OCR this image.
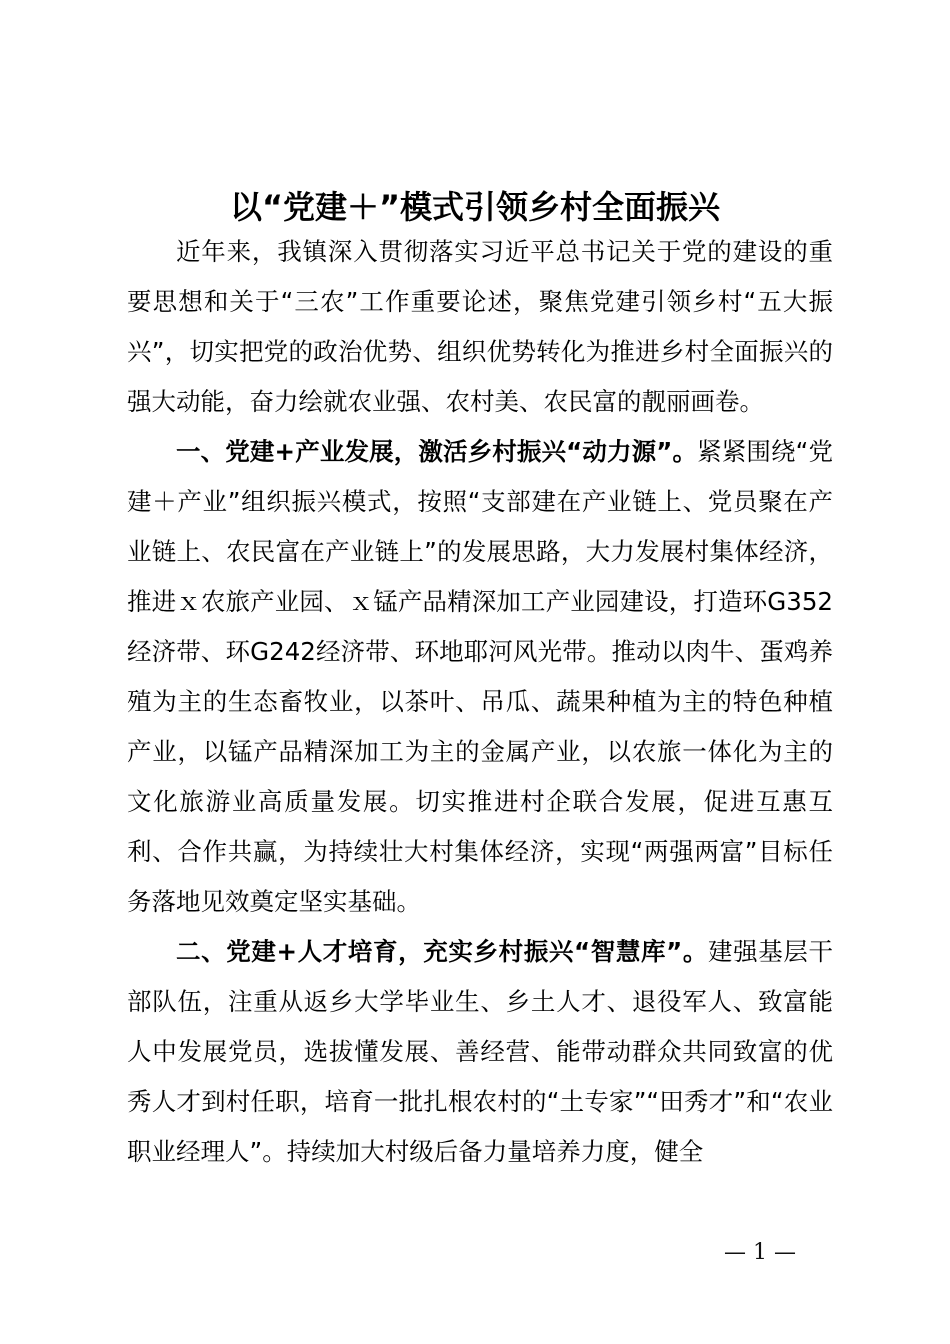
以“党建＋”模式引领乡村全面振兴

近年来，我镇深入贯彻落实习近平总书记关于党的建设的重要思想和关于“三农”工作重要论述，聚焦党建引领乡村“五大振兴”，切实把党的政治优势、组织优势转化为推进乡村全面振兴的强大动能，奋力绘就农业强、农村美、农民富的靓丽画卷。

一、党建+产业发展，激活乡村振兴“动力源”。紧紧围绕“党建＋产业”组织振兴模式，按照“支部建在产业链上、党员聚在产业链上、农民富在产业链上”的发展思路，大力发展村集体经济，推进ｘ农旅产业园、ｘ锰产品精深加工产业园建设，打造环G352经济带、环G242经济带、环地耶河风光带。推动以肉牛、蛋鸡养殖为主的生态畜牧业，以茶叶、吊瓜、蔬果种植为主的特色种植产业，以锰产品精深加工为主的金属产业，以农旅一体化为主的文化旅游业高质量发展。切实推进村企联合发展，促进互惠互利、合作共赢，为持续壮大村集体经济，实现“两强两富”目标任务落地见效奠定坚实基础。

二、党建+人才培育，充实乡村振兴“智慧库”。建强基层干部队伍，注重从返乡大学毕业生、乡土人才、退役军人、致富能人中发展党员，选拔懂发展、善经营、能带动群众共同致富的优秀人才到村任职，培育一批扎根农村的“土专家”“田秀才”和“农业职业经理人”。持续加大村级后备力量培养力度，健全

— 1 —
